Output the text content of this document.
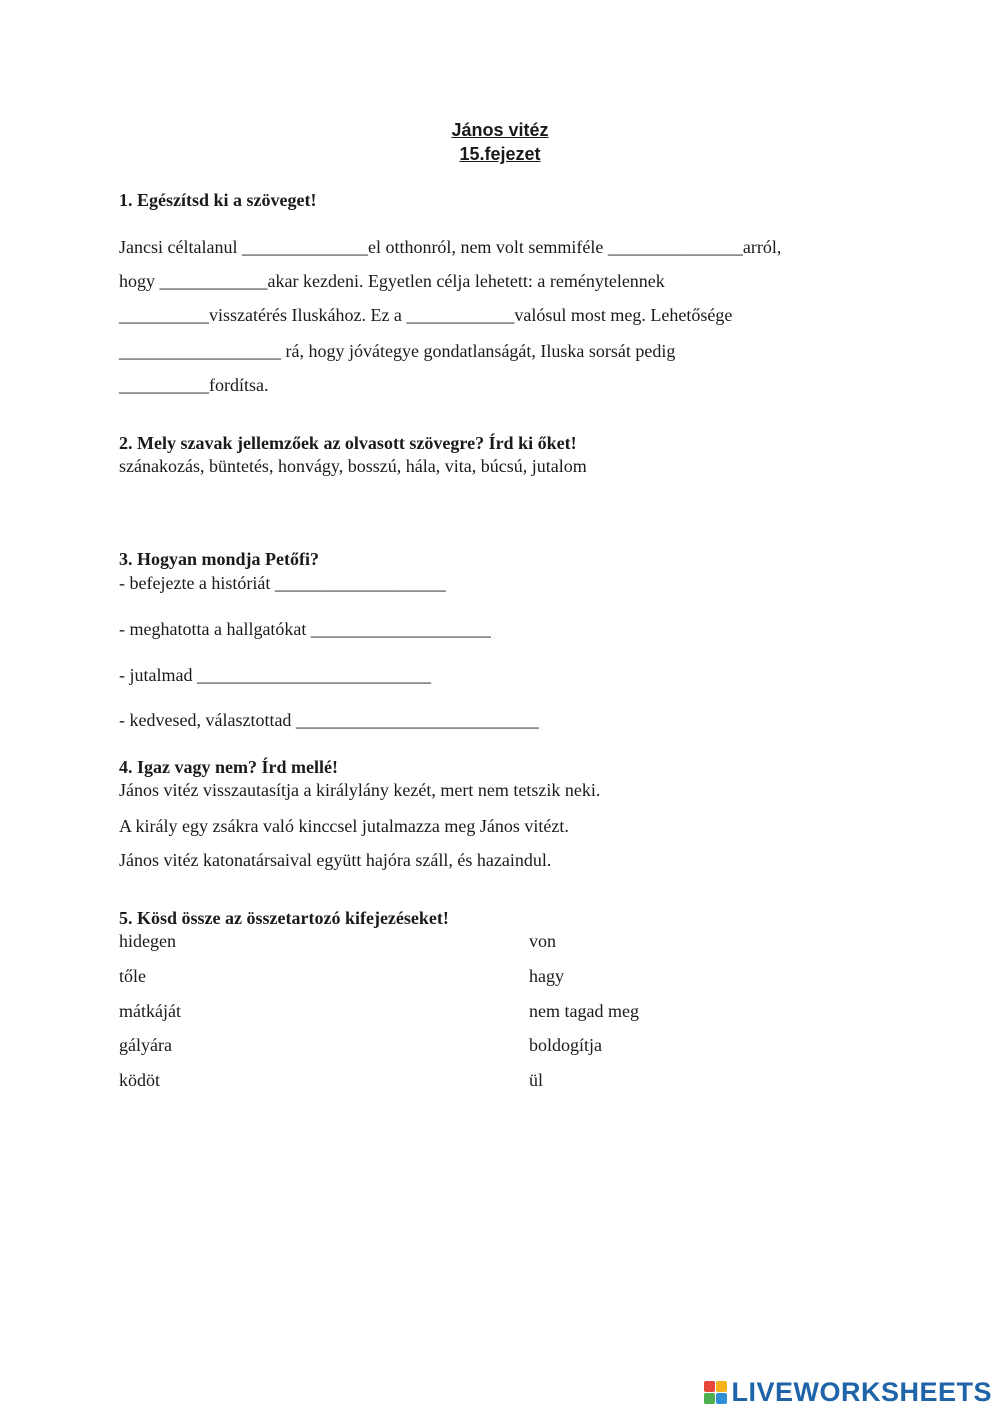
János vitéz
15.fejezet
1. Egészítsd ki a szöveget!
Jancsi céltalanul ______________el otthonról, nem volt semmiféle _______________arról,
hogy ____________akar kezdeni. Egyetlen célja lehetett: a reménytelennek
__________visszatérés Iluskához. Ez a ____________valósul most meg. Lehetősége
__________________ rá, hogy jóvátegye gondatlanságát, Iluska sorsát pedig
__________fordítsa.
2. Mely szavak jellemzőek az olvasott szövegre? Írd ki őket!
szánakozás, büntetés, honvágy, bosszú, hála, vita, búcsú, jutalom
3. Hogyan mondja Petőfi?
- befejezte a históriát ___________________
- meghatotta a hallgatókat ____________________
- jutalmad __________________________
- kedvesed, választottad ___________________________
4. Igaz vagy nem? Írd mellé!
János vitéz visszautasítja a királylány kezét, mert nem tetszik neki.
A király egy zsákra való kinccsel jutalmazza meg János vitézt.
János vitéz katonatársaival együtt hajóra száll, és hazaindul.
5. Kösd össze az összetartozó kifejezéseket!
hidegen
tőle
mátkáját
gályára
ködöt
von
hagy
nem tagad meg
boldogítja
ül
LIVEWORKSHEETS
